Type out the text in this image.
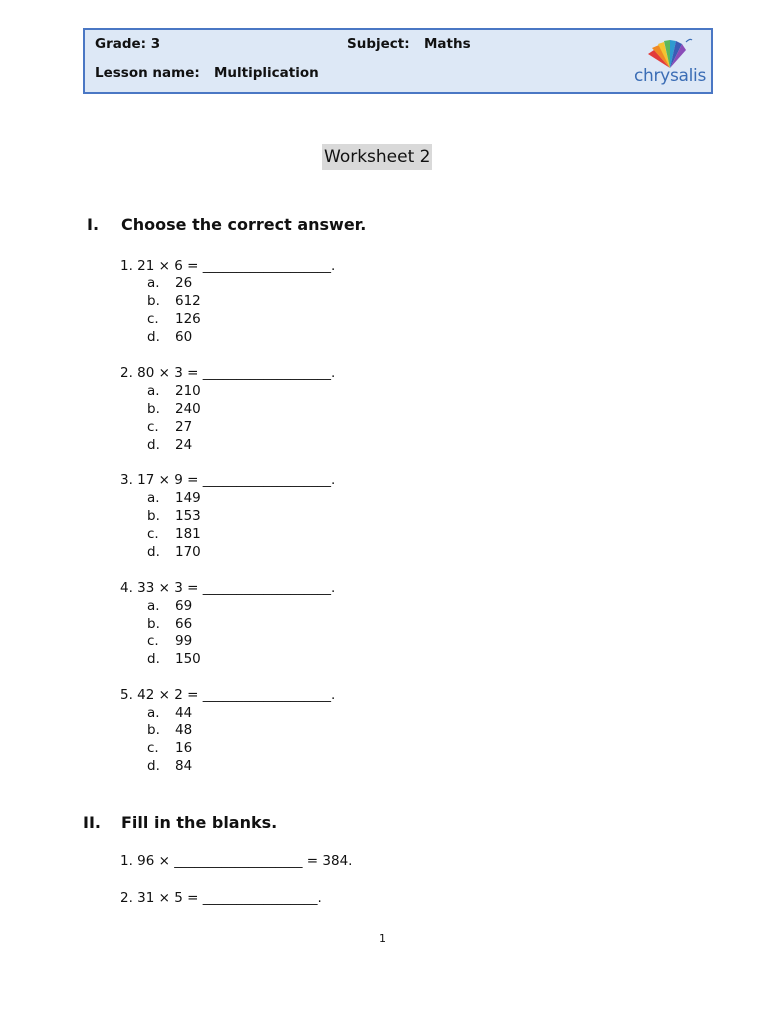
Grade: 3	Subject: Maths
Lesson name: Multiplication	chrysalis
Worksheet 2
I. Choose the correct answer.
1. 21 × 6 = ___________________.
a. 26
b. 612
c. 126
d. 60
2. 80 × 3 = ___________________.
a. 210
b. 240
c. 27
d. 24
3. 17 × 9 = ___________________.
a. 149
b. 153
c. 181
d. 170
4. 33 × 3 = ___________________.
a. 69
b. 66
c. 99
d. 150
5. 42 × 2 = ___________________.
a. 44
b. 48
c. 16
d. 84
II. Fill in the blanks.
1. 96 × ___________________ = 384.
2. 31 × 5 = _________________.
1
